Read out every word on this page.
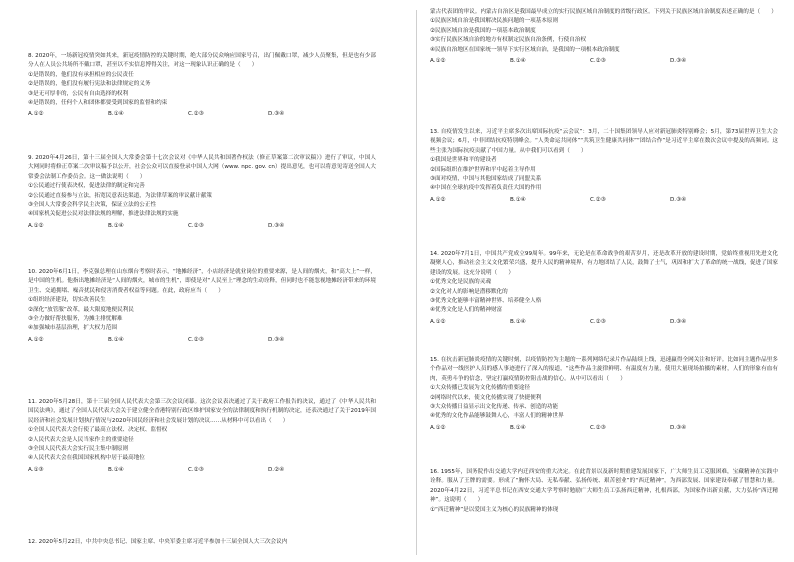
8. 2020年，一场新冠疫情突如其来，新冠疫情防控的关键时期，绝大部分民众响应国家号召，出门佩戴口罩，减少人员聚集，但是也有少部分人在人员公共场所不戴口罩，甚至以不实信息博得关注，对这一现象认识正确的是（　　）

①是错误的，他们没有承担相应的公民责任

②是错误的，他们没有履行宪法和法律规定的义务

③是无可厚非的，公民有自由选择的权利

④是错误的，任何个人和团体都要受到国家的监督和约束

A.①②	B.①④	C.②③	D.③④

9. 2020年4月26日，第十三届全国人大常委会第十七次会议对《中华人民共和国著作权法（修正草案第二次审议稿）》进行了审议，中国人大网同时将修正草案二次审议稿予以公开，社会公众可以直接登录中国人大网（www. npc. gov. cn）提出意见，也可以将意见寄送全国人大常委会法制工作委员会。这一做法说明（　　）

①公民通过行使表决权，促进法律的制定和完善

②公民通过直接参与立法，拓宽民意表达渠道，为法律草案的审议献计献策

③全国人大常委会科学民主决策，保证立法的公正性

④国家机关促进公民对法律法规的理解，推进法律法规的实施

A.①②	B.①④	C.②③	D.③④

10. 2020年6月1日，李克强总理在山东烟台考察时表示，“地摊经济”，小店经济是就业岗位的重要来源，是人间的烟火，和“高大上”一样，是中国的生机。他指出地摊经济是“人间的烟火，城市的生机”，即使是对“人民至上”理念的生动诠释，但同时也不能忽视地摊经济带来的环境卫生、交通拥堵、噪音扰民和侵害消费者权益等问题。在此，政府应当（　　）

①组织经济建设，切实改善民生

②深化“放管服”改革，最大限度地便民利民

③全力做好帮扶服务，为摊主排忧解难

④加强城市基层治理，扩大权力范围

A.①②	B.①④	C.②③	D.③④

11. 2020年5月28日，第十三届全国人民代表大会第三次会议闭幕。这次会议表决通过了关于政府工作报告的决议，通过了《中华人民共和国民法典》，通过了全国人民代表大会关于建立健全香港特别行政区维护国家安全的法律制度和执行机制的决定，还表决通过了关于2019年国民经济和社会发展计划执行情况与2020年国民经济和社会发展计划的决议……从材料中可以看出（　　）

①全国人民代表大会行使了最高立法权、决定权、监督权

②人民代表大会是人民当家作主的重要途径

③全国人民代表大会实行民主集中制原则

④人民代表大会在我国国家机构中居于最高地位

A.①③	B.①④	C.②③	D.②④

12. 2020年5月22日，中共中央总书记、国家主席、中央军委主席习近平参加十三届全国人大三次会议内

蒙古代表团的审议。内蒙古自治区是我国最早成立的实行民族区域自治制度的省级行政区。下列关于民族区域自治制度表述正确的是（　　）

①民族区域自治是我国解决民族问题的一项基本原则

②民族区域自治是我国的一项基本政治制度

③实行民族区域自治的地方有权制定民族自治条例，行使自治权

④民族自治地区在国家统一领导下实行区域自治，是我国的一项根本政治制度

A.①②	B.①④	C.②③	D.③④

13. 自疫情发生以来，习近平主席多次出席国际抗疫“云会议”：3月，二十国集团领导人应对新冠肺炎特别峰会；5月，第73届世界卫生大会视频会议；6月，中非团结抗疫特别峰会。“人类命运共同体”“共筑卫生健康共同体”“团结合作”是习近平主席在数次会议中提及的高频词。这些主张为国际抗疫贡献了中国力量。从中我们可以看到（　　）

①我国是世界和平的建设者

②国际组织在维护世界和平中起着主导作用

③面对疫情，中国与其他国家结成了同盟关系

④中国在全球抗疫中发挥着负责任大国的作用

A.①②	B.①④	C.②③	D.③④

14. 2020年7月1日，中国共产党成立99周年。99年来，无论是在革命战争的艰苦岁月，还是改革开放的建设时期，党始终重视用先进文化凝聚人心，推动社会主义文化繁荣兴盛，提升人民的精神境界，有力地团结了人民，鼓舞了士气，巩固和扩大了革命的统一战线，促进了国家建设的发展。这充分说明（　　）

①优秀文化是民族的灵魂

②文化对人的影响是潜移默化的

③优秀文化能够丰富精神世界、培养健全人格

④优秀文化是人们的精神财富

A.①②	B.①④	C.②③	D.③④

15. 在抗击新冠肺炎疫情的关键时刻，以疫情防控为主题的一系列网络纪录片作品陆续上线，迅速赢得全网关注和好评。比如同主题作品里多个作品对一线医护人员的感人事迹进行了深入的报道，“这些作品主旋律鲜明、有温度有力量，使用大量现场拍摄的素材，人们的形象有血有肉，英勇斗争的信念，坚定打赢疫情防控阻击战的信心。从中可以看出（　　）

①大众传播已发展为文化传播的重要途径

②网络时代以来，使文化传播实现了快捷便利

③大众传播日益显示出文化传递、传承、创造的功能

④优秀的文化作品能够鼓舞人心，丰富人们的精神世界

A.①②	B.①④	C.②③	D.③④

16. 1955年，国务院作出交通大学内迁西安的重大决定。在此背景以及新时期重建发展国家下，广大师生员工克服困难，宝藏精神在实践中诠释。服从了王牌的需要。形成了“胸怀大局、无私奉献、弘扬传统、艰苦创业”的“西迁精神”，为西部发展、国家建设奉献了智慧和力量。2020年4月22日，习近平总书记在西安交通大学考察时勉励广大师生员工弘扬西迁精神，扎根西部，为国家作出新贡献，大力弘扬“西迁精神”。这说明（　　）

①“西迁精神”是以爱国主义为核心的民族精神的体现
